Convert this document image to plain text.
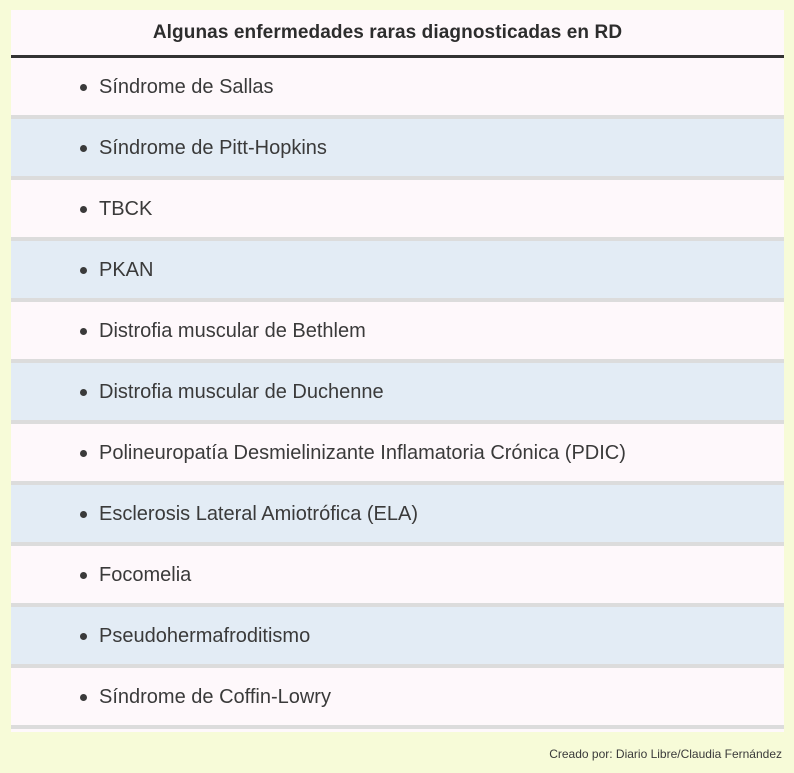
Algunas enfermedades raras diagnosticadas en RD
Síndrome de Sallas
Síndrome de Pitt-Hopkins
TBCK
PKAN
Distrofia muscular de Bethlem
Distrofia muscular de Duchenne
Polineuropatía Desmielinizante Inflamatoria Crónica (PDIC)
Esclerosis Lateral Amiotrófica (ELA)
Focomelia
Pseudohermafroditismo
Síndrome de Coffin-Lowry
Creado por: Diario Libre/Claudia Fernández
